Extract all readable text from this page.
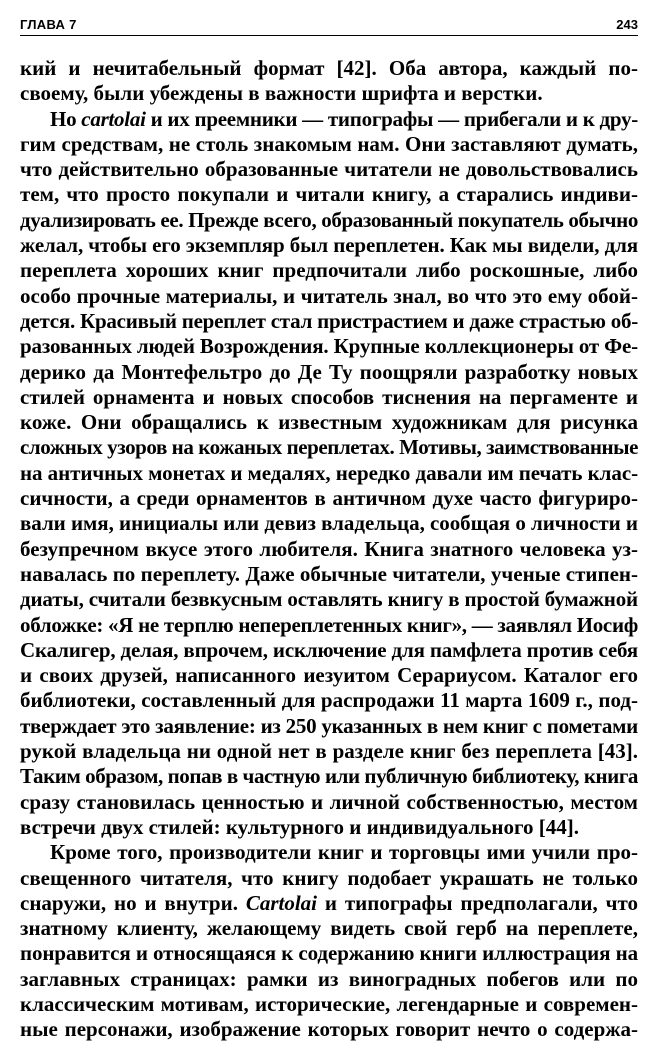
ГЛАВА 7	243
кий и нечитабельный формат [42]. Оба автора, каждый по-
своему, были убеждены в важности шрифта и верстки.
Но cartolai и их преемники — типографы — прибегали и к дру-
гим средствам, не столь знакомым нам. Они заставляют думать,
что действительно образованные читатели не довольствовались
тем, что просто покупали и читали книгу, а старались индиви-
дуализировать ее. Прежде всего, образованный покупатель обычно
желал, чтобы его экземпляр был переплетен. Как мы видели, для
переплета хороших книг предпочитали либо роскошные, либо
особо прочные материалы, и читатель знал, во что это ему обой-
дется. Красивый переплет стал пристрастием и даже страстью об-
разованных людей Возрождения. Крупные коллекционеры от Фе-
дерико да Монтефельтро до Де Ту поощряли разработку новых
стилей орнамента и новых способов тиснения на пергаменте и
коже. Они обращались к известным художникам для рисунка
сложных узоров на кожаных переплетах. Мотивы, заимствованные
на античных монетах и медалях, нередко давали им печать клас-
сичности, а среди орнаментов в античном духе часто фигуриро-
вали имя, инициалы или девиз владельца, сообщая о личности и
безупречном вкусе этого любителя. Книга знатного человека уз-
навалась по переплету. Даже обычные читатели, ученые стипен-
диаты, считали безвкусным оставлять книгу в простой бумажной
обложке: «Я не терплю непереплетенных книг», — заявлял Иосиф
Скалигер, делая, впрочем, исключение для памфлета против себя
и своих друзей, написанного иезуитом Серариусом. Каталог его
библиотеки, составленный для распродажи 11 марта 1609 г., под-
тверждает это заявление: из 250 указанных в нем книг с пометами
рукой владельца ни одной нет в разделе книг без переплета [43].
Таким образом, попав в частную или публичную библиотеку, книга
сразу становилась ценностью и личной собственностью, местом
встречи двух стилей: культурного и индивидуального [44].
Кроме того, производители книг и торговцы ими учили про-
свещенного читателя, что книгу подобает украшать не только
снаружи, но и внутри. Cartolai и типографы предполагали, что
знатному клиенту, желающему видеть свой герб на переплете,
понравится и относящаяся к содержанию книги иллюстрация на
заглавных страницах: рамки из виноградных побегов или по
классическим мотивам, исторические, легендарные и современ-
ные персонажи, изображение которых говорит нечто о содержа-
